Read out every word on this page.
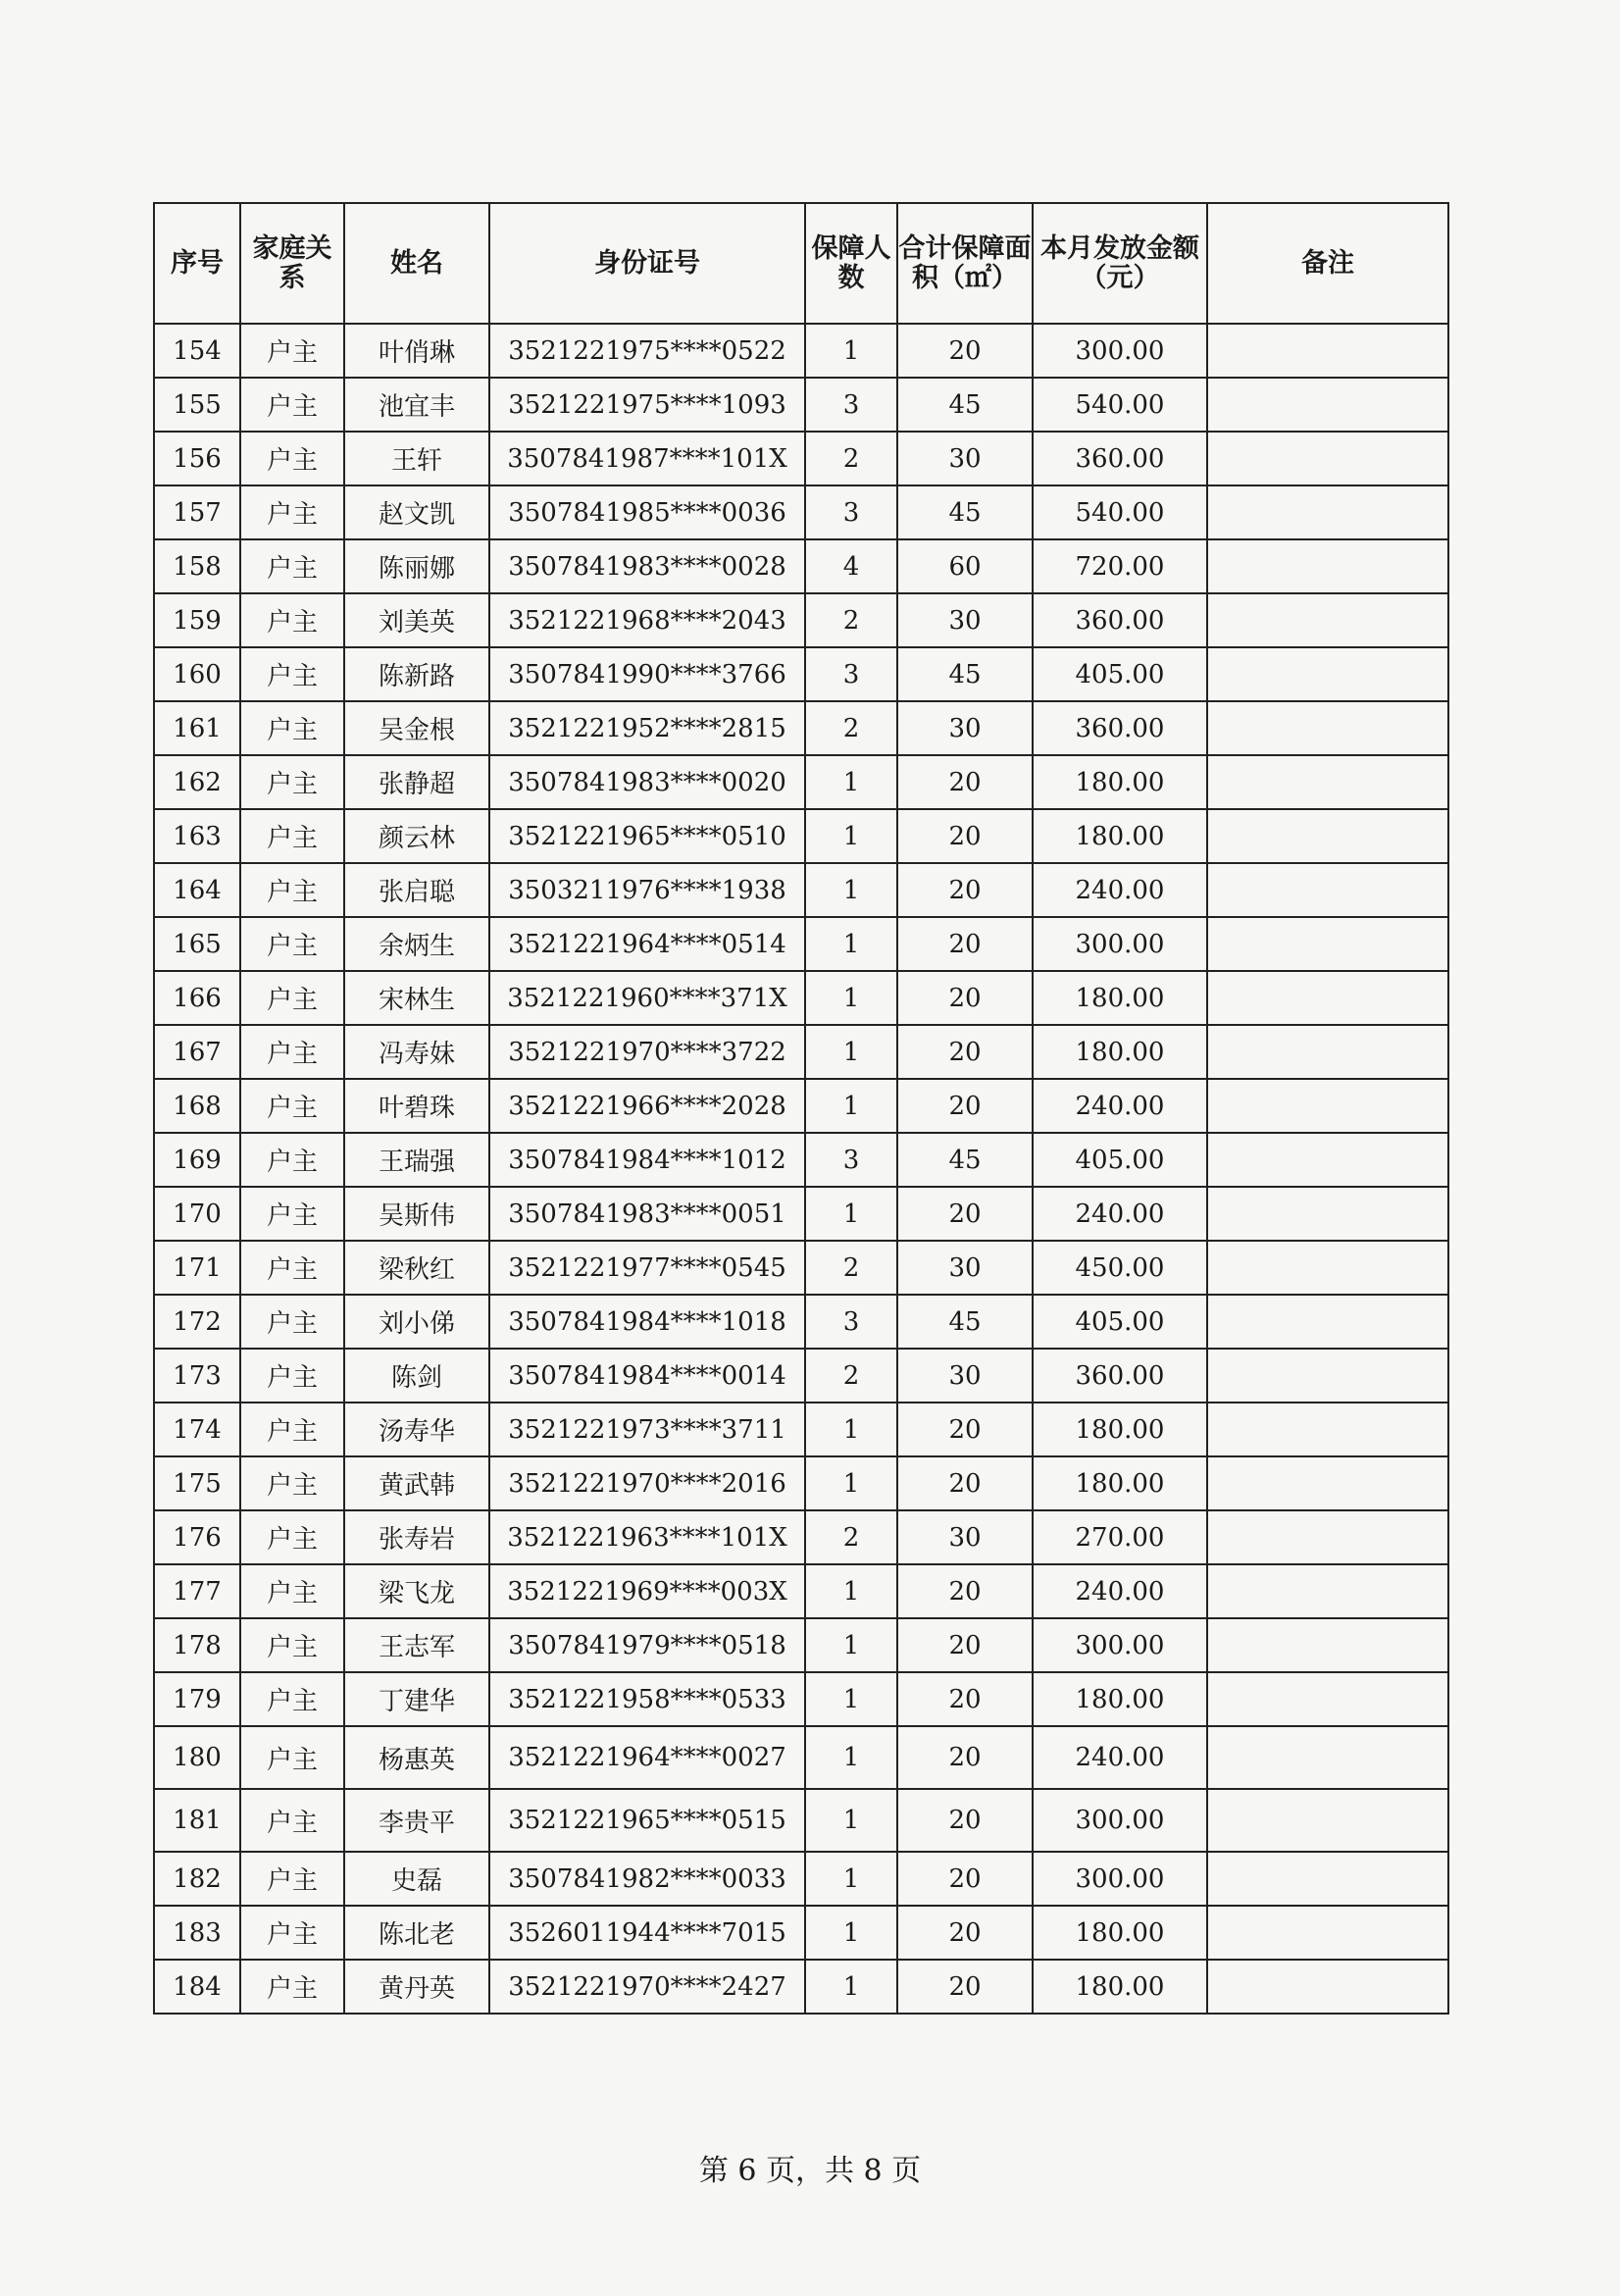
序号	家庭关系	姓名	身份证号	保障人数	合计保障面积（㎡）	本月发放金额（元）	备注
154	户主	叶俏琳	3521221975****0522	1	20	300.00	
155	户主	池宜丰	3521221975****1093	3	45	540.00	
156	户主	王轩	3507841987****101X	2	30	360.00	
157	户主	赵文凯	3507841985****0036	3	45	540.00	
158	户主	陈丽娜	3507841983****0028	4	60	720.00	
159	户主	刘美英	3521221968****2043	2	30	360.00	
160	户主	陈新路	3507841990****3766	3	45	405.00	
161	户主	吴金根	3521221952****2815	2	30	360.00	
162	户主	张静超	3507841983****0020	1	20	180.00	
163	户主	颜云林	3521221965****0510	1	20	180.00	
164	户主	张启聪	3503211976****1938	1	20	240.00	
165	户主	余炳生	3521221964****0514	1	20	300.00	
166	户主	宋林生	3521221960****371X	1	20	180.00	
167	户主	冯寿妹	3521221970****3722	1	20	180.00	
168	户主	叶碧珠	3521221966****2028	1	20	240.00	
169	户主	王瑞强	3507841984****1012	3	45	405.00	
170	户主	吴斯伟	3507841983****0051	1	20	240.00	
171	户主	梁秋红	3521221977****0545	2	30	450.00	
172	户主	刘小俤	3507841984****1018	3	45	405.00	
173	户主	陈剑	3507841984****0014	2	30	360.00	
174	户主	汤寿华	3521221973****3711	1	20	180.00	
175	户主	黄武韩	3521221970****2016	1	20	180.00	
176	户主	张寿岩	3521221963****101X	2	30	270.00	
177	户主	梁飞龙	3521221969****003X	1	20	240.00	
178	户主	王志军	3507841979****0518	1	20	300.00	
179	户主	丁建华	3521221958****0533	1	20	180.00	
180	户主	杨惠英	3521221964****0027	1	20	240.00	
181	户主	李贵平	3521221965****0515	1	20	300.00	
182	户主	史磊	3507841982****0033	1	20	300.00	
183	户主	陈北老	3526011944****7015	1	20	180.00	
184	户主	黄丹英	3521221970****2427	1	20	180.00	
第 6 页，共 8 页
